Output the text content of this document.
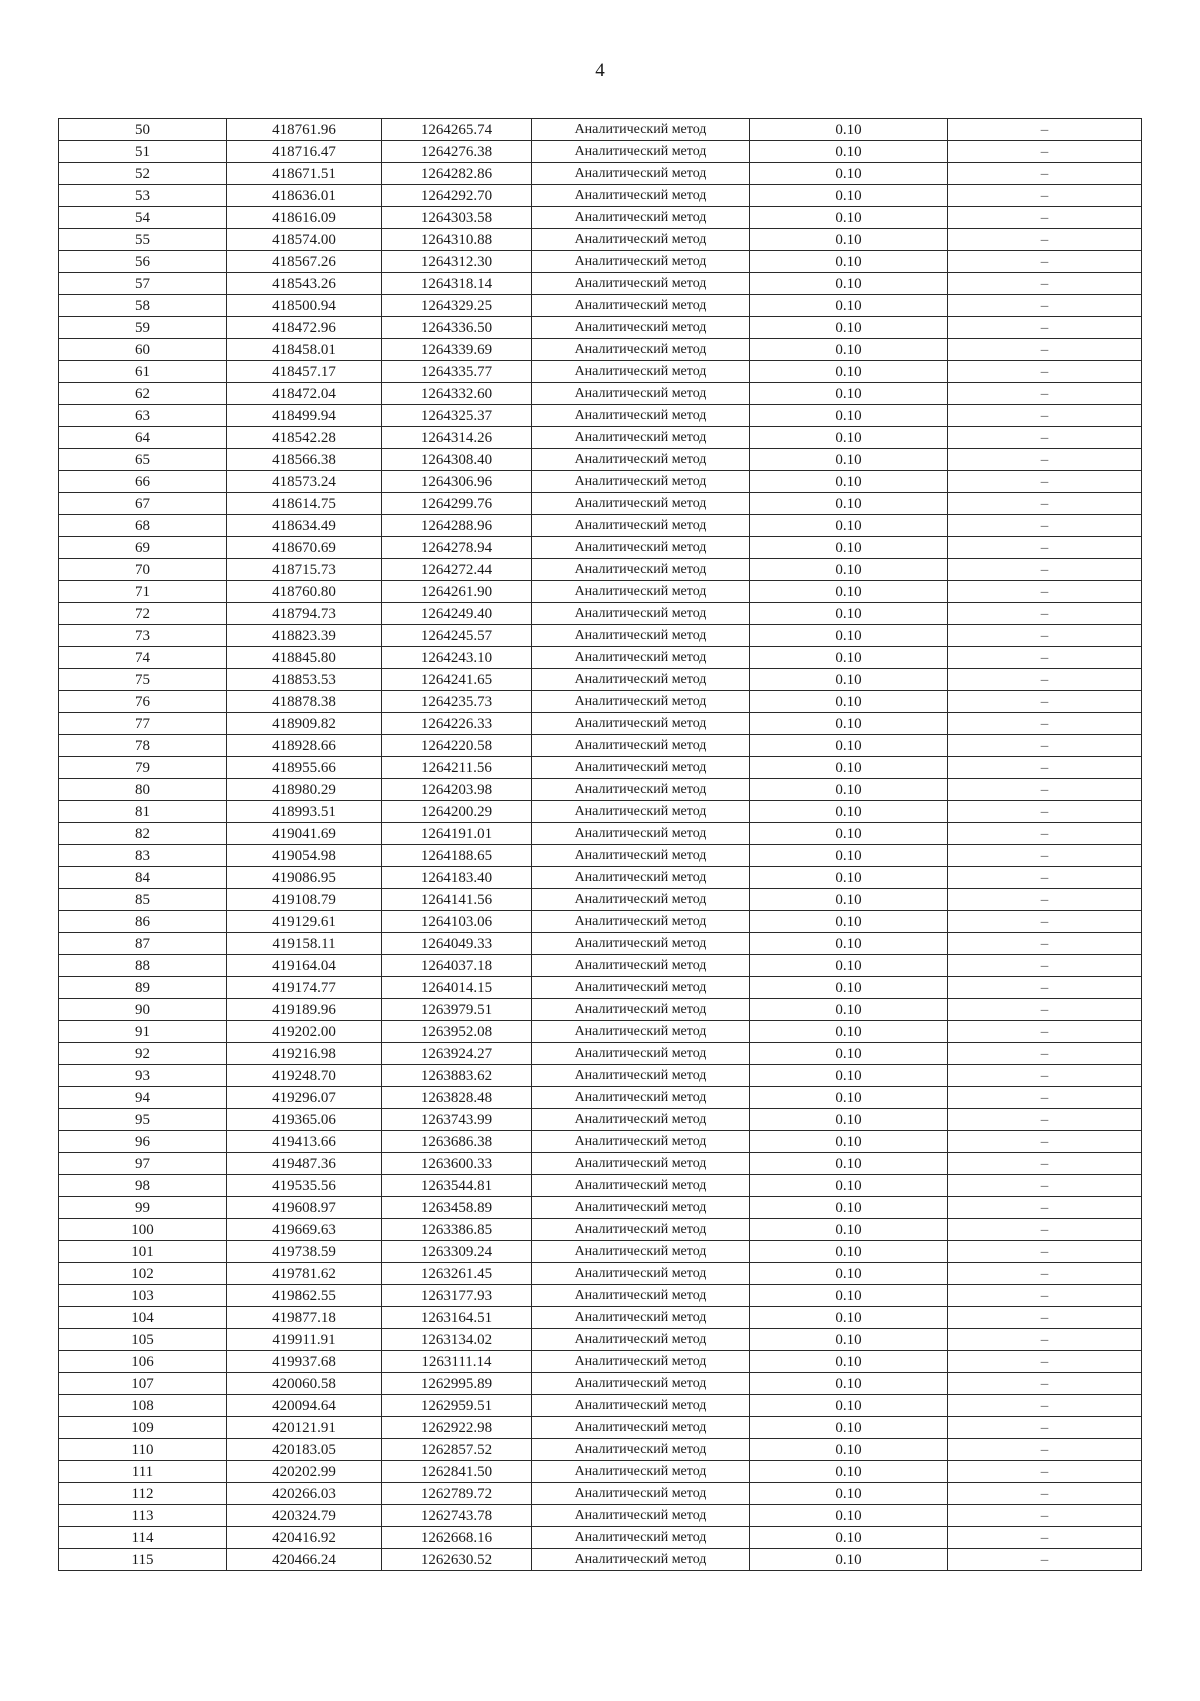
4
50	418761.96	1264265.74	Аналитический метод	0.10	–
51	418716.47	1264276.38	Аналитический метод	0.10	–
52	418671.51	1264282.86	Аналитический метод	0.10	–
53	418636.01	1264292.70	Аналитический метод	0.10	–
54	418616.09	1264303.58	Аналитический метод	0.10	–
55	418574.00	1264310.88	Аналитический метод	0.10	–
56	418567.26	1264312.30	Аналитический метод	0.10	–
57	418543.26	1264318.14	Аналитический метод	0.10	–
58	418500.94	1264329.25	Аналитический метод	0.10	–
59	418472.96	1264336.50	Аналитический метод	0.10	–
60	418458.01	1264339.69	Аналитический метод	0.10	–
61	418457.17	1264335.77	Аналитический метод	0.10	–
62	418472.04	1264332.60	Аналитический метод	0.10	–
63	418499.94	1264325.37	Аналитический метод	0.10	–
64	418542.28	1264314.26	Аналитический метод	0.10	–
65	418566.38	1264308.40	Аналитический метод	0.10	–
66	418573.24	1264306.96	Аналитический метод	0.10	–
67	418614.75	1264299.76	Аналитический метод	0.10	–
68	418634.49	1264288.96	Аналитический метод	0.10	–
69	418670.69	1264278.94	Аналитический метод	0.10	–
70	418715.73	1264272.44	Аналитический метод	0.10	–
71	418760.80	1264261.90	Аналитический метод	0.10	–
72	418794.73	1264249.40	Аналитический метод	0.10	–
73	418823.39	1264245.57	Аналитический метод	0.10	–
74	418845.80	1264243.10	Аналитический метод	0.10	–
75	418853.53	1264241.65	Аналитический метод	0.10	–
76	418878.38	1264235.73	Аналитический метод	0.10	–
77	418909.82	1264226.33	Аналитический метод	0.10	–
78	418928.66	1264220.58	Аналитический метод	0.10	–
79	418955.66	1264211.56	Аналитический метод	0.10	–
80	418980.29	1264203.98	Аналитический метод	0.10	–
81	418993.51	1264200.29	Аналитический метод	0.10	–
82	419041.69	1264191.01	Аналитический метод	0.10	–
83	419054.98	1264188.65	Аналитический метод	0.10	–
84	419086.95	1264183.40	Аналитический метод	0.10	–
85	419108.79	1264141.56	Аналитический метод	0.10	–
86	419129.61	1264103.06	Аналитический метод	0.10	–
87	419158.11	1264049.33	Аналитический метод	0.10	–
88	419164.04	1264037.18	Аналитический метод	0.10	–
89	419174.77	1264014.15	Аналитический метод	0.10	–
90	419189.96	1263979.51	Аналитический метод	0.10	–
91	419202.00	1263952.08	Аналитический метод	0.10	–
92	419216.98	1263924.27	Аналитический метод	0.10	–
93	419248.70	1263883.62	Аналитический метод	0.10	–
94	419296.07	1263828.48	Аналитический метод	0.10	–
95	419365.06	1263743.99	Аналитический метод	0.10	–
96	419413.66	1263686.38	Аналитический метод	0.10	–
97	419487.36	1263600.33	Аналитический метод	0.10	–
98	419535.56	1263544.81	Аналитический метод	0.10	–
99	419608.97	1263458.89	Аналитический метод	0.10	–
100	419669.63	1263386.85	Аналитический метод	0.10	–
101	419738.59	1263309.24	Аналитический метод	0.10	–
102	419781.62	1263261.45	Аналитический метод	0.10	–
103	419862.55	1263177.93	Аналитический метод	0.10	–
104	419877.18	1263164.51	Аналитический метод	0.10	–
105	419911.91	1263134.02	Аналитический метод	0.10	–
106	419937.68	1263111.14	Аналитический метод	0.10	–
107	420060.58	1262995.89	Аналитический метод	0.10	–
108	420094.64	1262959.51	Аналитический метод	0.10	–
109	420121.91	1262922.98	Аналитический метод	0.10	–
110	420183.05	1262857.52	Аналитический метод	0.10	–
111	420202.99	1262841.50	Аналитический метод	0.10	–
112	420266.03	1262789.72	Аналитический метод	0.10	–
113	420324.79	1262743.78	Аналитический метод	0.10	–
114	420416.92	1262668.16	Аналитический метод	0.10	–
115	420466.24	1262630.52	Аналитический метод	0.10	–
